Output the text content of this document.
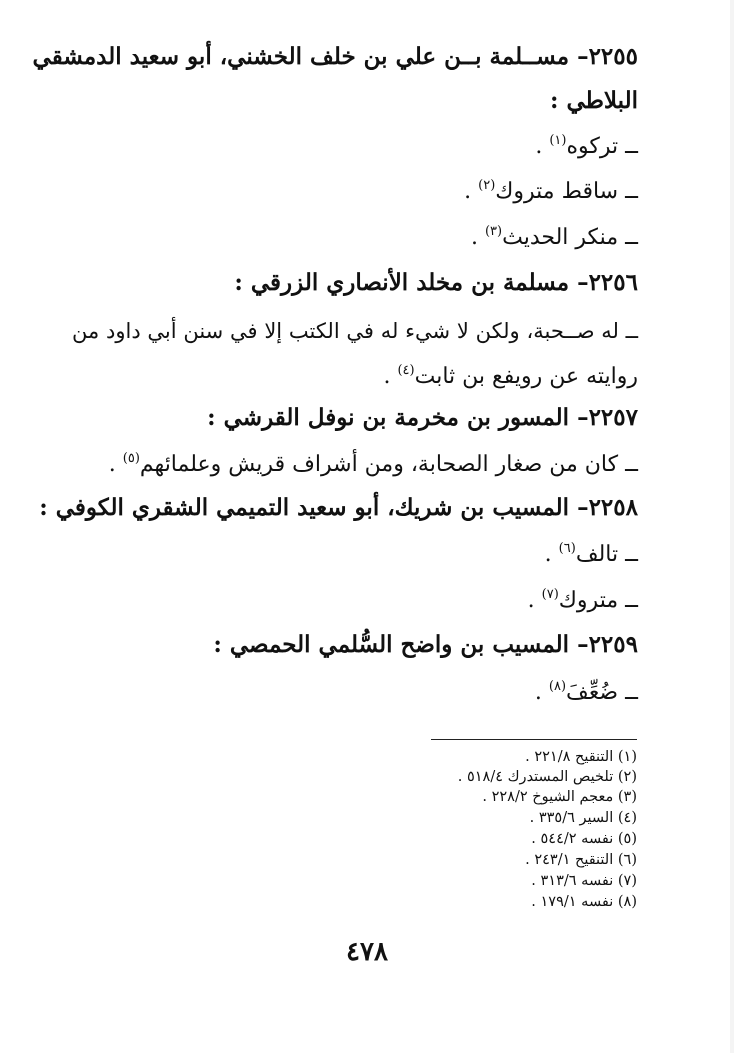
٢٢٥٥– مســلمة بــن علي بن خلف الخشني، أبو سعيد الدمشقي
البلاطي :
ــ تركوه$^{(١)}$ .
ــ ساقط متروك$^{(٢)}$ .
ــ منكر الحديث$^{(٣)}$ .
٢٢٥٦– مسلمة بن مخلد الأنصاري الزرقي :
ــ له صــحبة، ولكن لا شيء له في الكتب إلا في سنن أبي داود من
روايته عن رويفع بن ثابت$^{(٤)}$ .
٢٢٥٧– المسور بن مخرمة بن نوفل القرشي :
ــ كان من صغار الصحابة، ومن أشراف قريش وعلمائهم$^{(٥)}$ .
٢٢٥٨– المسيب بن شريك، أبو سعيد التميمي الشقري الكوفي :
ــ تالف$^{(٦)}$ .
ــ متروك$^{(٧)}$ .
٢٢٥٩– المسيب بن واضح السُّلمي الحمصي :
ــ ضُعِّفَ$^{(٨)}$ .
(١) التنقيح ٢٢١/٨ .
(٢) تلخيص المستدرك ٥١٨/٤ .
(٣) معجم الشيوخ ٢٢٨/٢ .
(٤) السير ٣٣٥/٦ .
(٥) نفسه ٥٤٤/٢ .
(٦) التنقيح ٢٤٣/١ .
(٧) نفسه ٣١٣/٦ .
(٨) نفسه ١٧٩/١ .
٤٧٨
